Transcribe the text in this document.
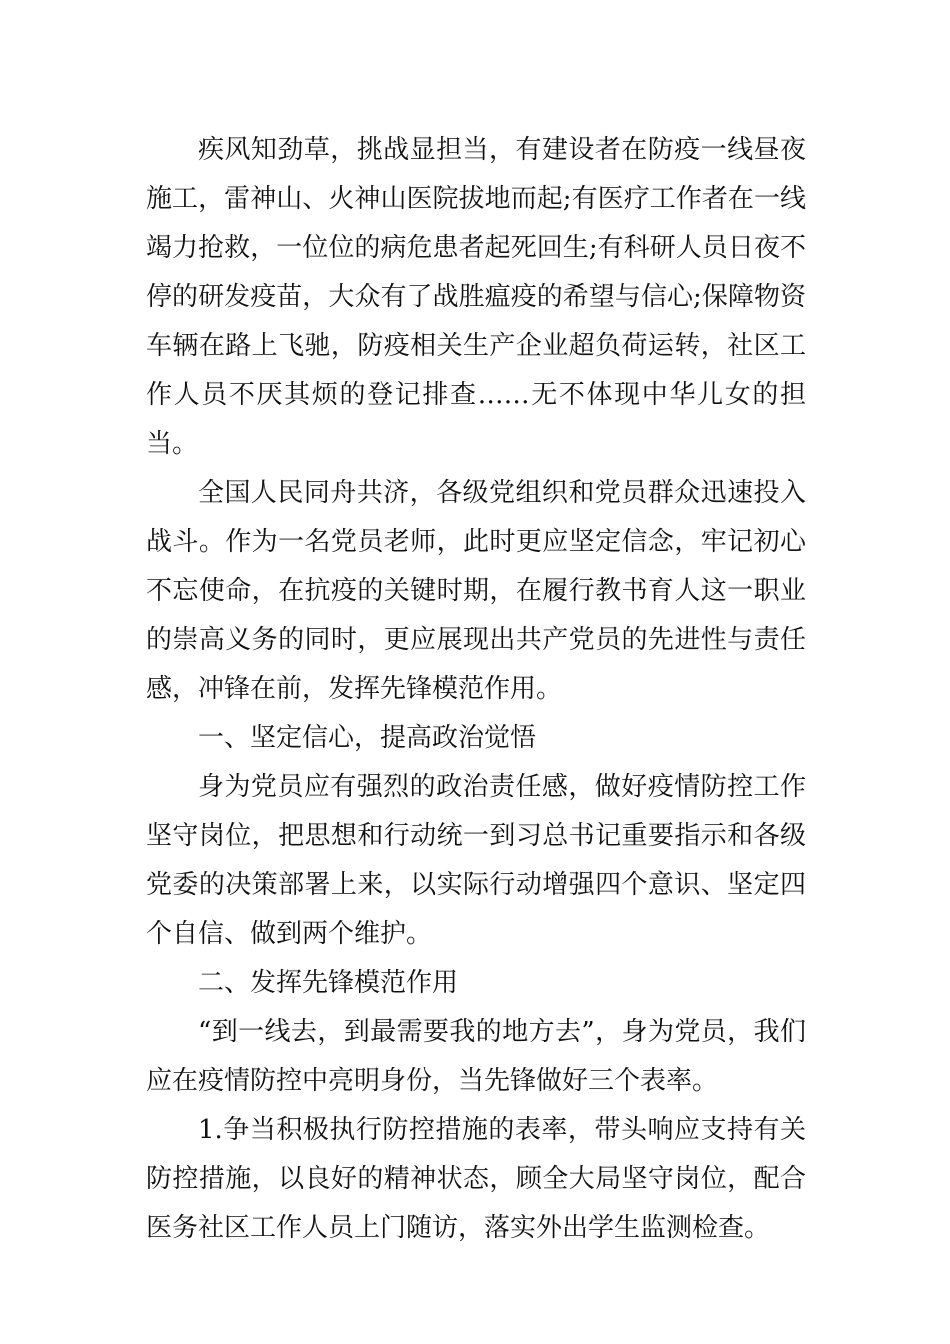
疾风知劲草，挑战显担当，有建设者在防疫一线昼夜施工，雷神山、火神山医院拔地而起;有医疗工作者在一线竭力抢救，一位位的病危患者起死回生;有科研人员日夜不停的研发疫苗，大众有了战胜瘟疫的希望与信心;保障物资车辆在路上飞驰，防疫相关生产企业超负荷运转，社区工作人员不厌其烦的登记排查……无不体现中华儿女的担当。

全国人民同舟共济，各级党组织和党员群众迅速投入战斗。作为一名党员老师，此时更应坚定信念，牢记初心不忘使命，在抗疫的关键时期，在履行教书育人这一职业的崇高义务的同时，更应展现出共产党员的先进性与责任感，冲锋在前，发挥先锋模范作用。

一、坚定信心，提高政治觉悟

身为党员应有强烈的政治责任感，做好疫情防控工作坚守岗位，把思想和行动统一到习总书记重要指示和各级党委的决策部署上来，以实际行动增强四个意识、坚定四个自信、做到两个维护。

二、发挥先锋模范作用

“到一线去，到最需要我的地方去”，身为党员，我们应在疫情防控中亮明身份，当先锋做好三个表率。

1.争当积极执行防控措施的表率，带头响应支持有关防控措施，以良好的精神状态，顾全大局坚守岗位，配合医务社区工作人员上门随访，落实外出学生监测检查。
